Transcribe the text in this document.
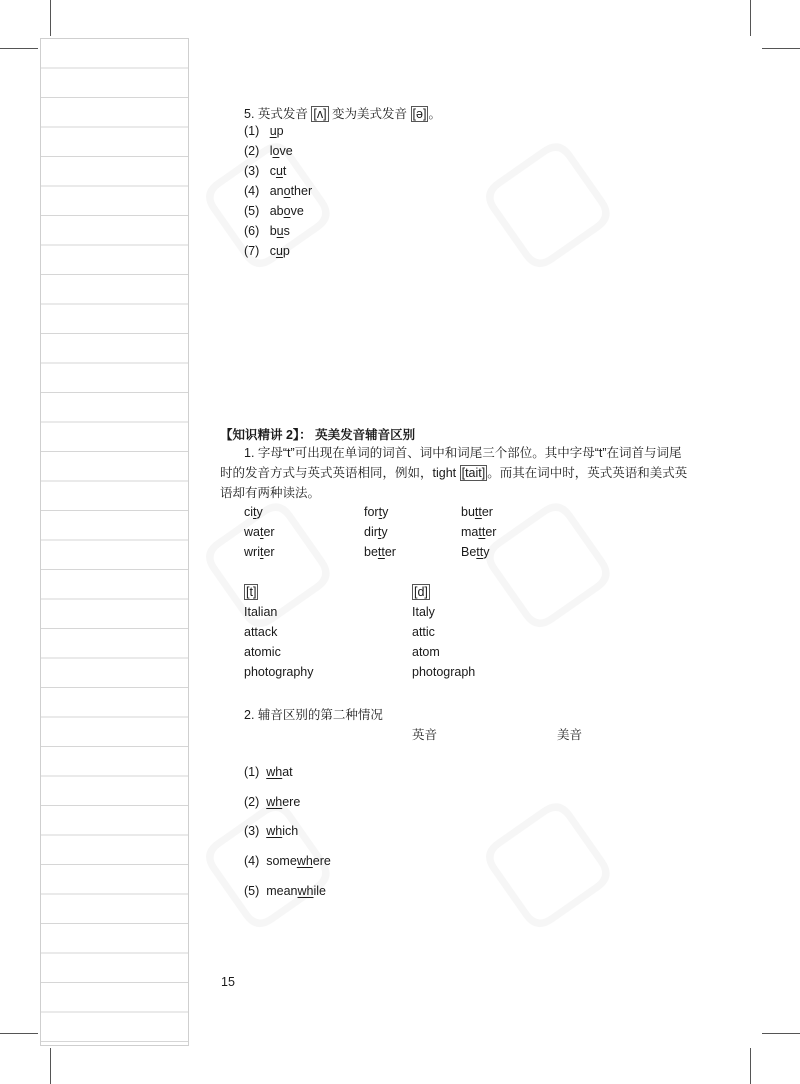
5. 英式发音 [ʌ] 变为美式发音 [ə] 。
(1) up
(2) love
(3) cut
(4) another
(5) above
(6) bus
(7) cup
【知识精讲 2】： 英美发音辅音区别
1. 字母“t”可出现在单词的词首、词中和词尾三个部位。其中字母“t”在词首与词尾时的发音方式与英式英语相同，例如，tight [tait] 。而其在词中时，英式英语和美式英语却有两种读法。
city
water
writer
forty
dirty
better
butter
matter
Betty
[t]	[d]
Italian
attack
atomic
photography
Italy
attic
atom
photograph
2. 辅音区别的第二种情况
英音	美音
(1) what
(2) where
(3) which
(4) somewhere
(5) meanwhile
15
